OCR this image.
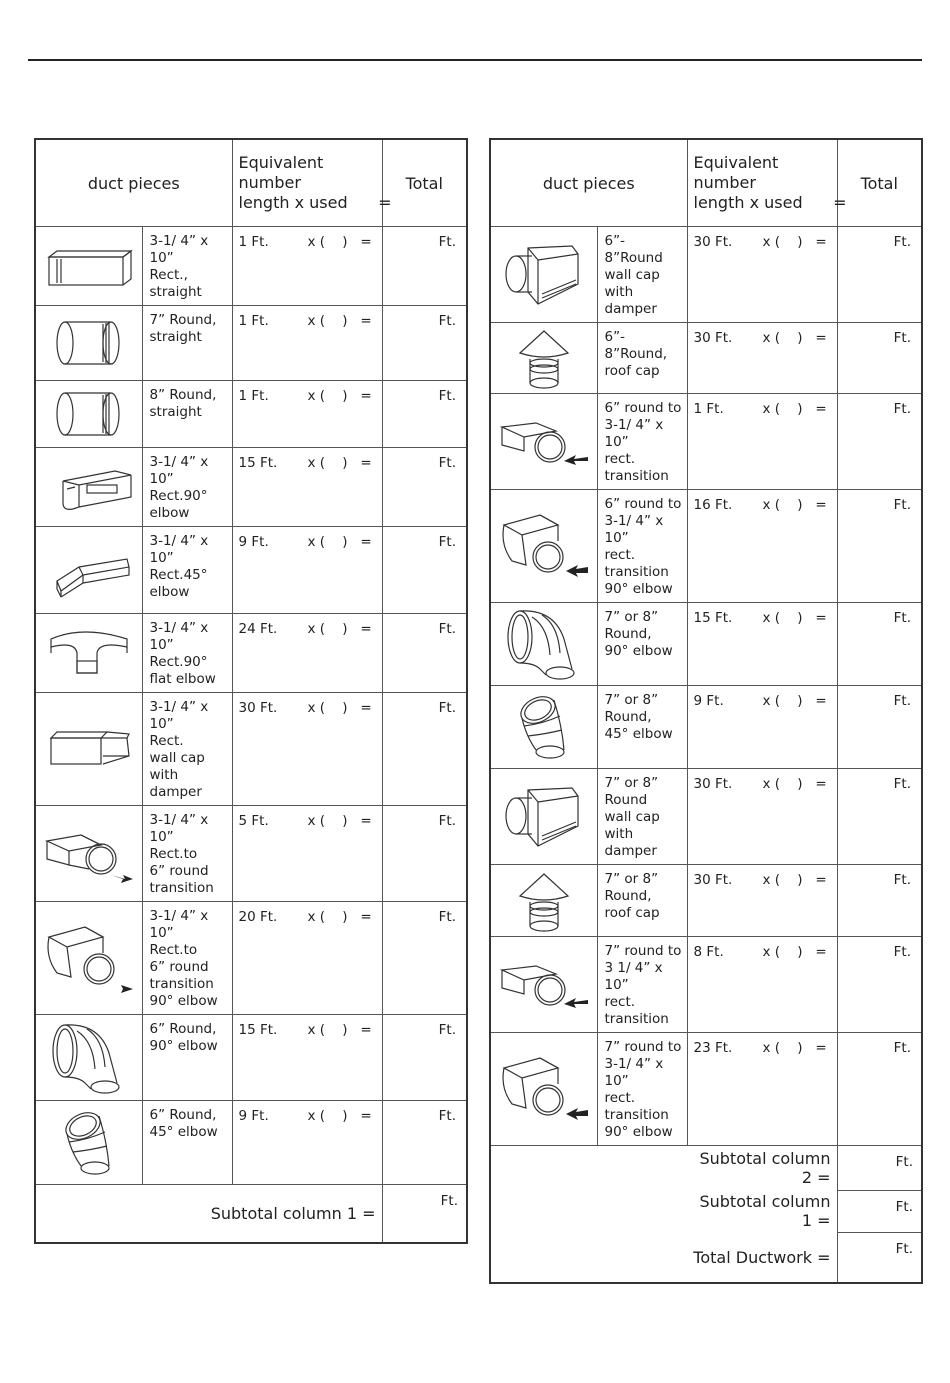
duct pieces		Equivalent number
length x used      =	Total

	3-1/ 4” x 10”
Rect.,
straight	1 Ft. x (    )   =	Ft.

	7” Round,
straight	1 Ft. x (    )   =	Ft.

	8” Round,
straight	1 Ft. x (    )   =	Ft.

	3-1/ 4” x 10”
Rect.90°
elbow	15 Ft. x (    )   =	Ft.

	3-1/ 4” x 10”
Rect.45°
elbow	9 Ft. x (    )   =	Ft.

	3-1/ 4” x 10”
Rect.90°
flat elbow	24 Ft. x (    )   =	Ft.

	3-1/ 4” x 10”
Rect.
wall cap
with damper	30 Ft. x (    )   =	Ft.

	3-1/ 4” x 10”
Rect.to
6” round
transition	5 Ft. x (    )   =	Ft.

	3-1/ 4” x 10”
Rect.to
6” round
transition
90° elbow	20 Ft. x (    )   =	Ft.

	6” Round,
90° elbow	15 Ft. x (    )   =	Ft.

	6” Round,
45° elbow	9 Ft. x (    )   =	Ft.
Subtotal column 1 =			Ft.
duct pieces		Equivalent number
length x used      =	Total

	6”- 8”Round
wall cap
with damper	30 Ft. x (    )   =	Ft.

	6”- 8”Round,
roof cap	30 Ft. x (    )   =	Ft.

	6” round to
3-1/ 4” x 10”
rect.
transition	1 Ft. x (    )   =	Ft.

	6” round to
3-1/ 4” x 10”
rect.
transition
90° elbow	16 Ft. x (    )   =	Ft.

	7” or 8”
Round,
90° elbow	15 Ft. x (    )   =	Ft.

	7” or 8”
Round,
45° elbow	9 Ft. x (    )   =	Ft.

	7” or 8”
Round
wall cap
with damper	30 Ft. x (    )   =	Ft.

	7” or 8”
Round,
roof cap	30 Ft. x (    )   =	Ft.

	7” round to
3 1/ 4” x 10”
rect.
transition	8 Ft. x (    )   =	Ft.

	7” round to
3-1/ 4” x 10”
rect.
transition
90° elbow	23 Ft. x (    )   =	Ft.
		Subtotal column 2 =	Ft.
		Subtotal column 1 =	Ft.
		Total Ductwork =	Ft.
